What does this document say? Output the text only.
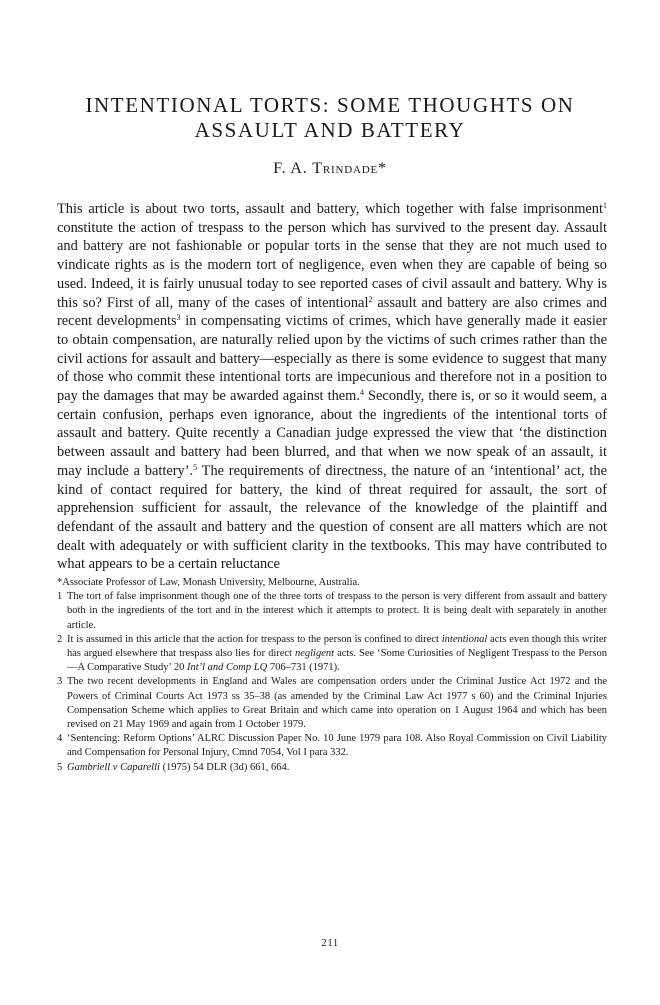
INTENTIONAL TORTS: SOME THOUGHTS ON
ASSAULT AND BATTERY
F. A. Trindade*

This article is about two torts, assault and battery, which together with false imprisonment$^1$ constitute the action of trespass to the person which has survived to the present day. Assault and battery are not fashionable or popular torts in the sense that they are not much used to vindicate rights as is the modern tort of negligence, even when they are capable of being so used. Indeed, it is fairly unusual today to see reported cases of civil assault and battery. Why is this so? First of all, many of the cases of intentional$^2$ assault and battery are also crimes and recent developments$^3$ in compensating victims of crimes, which have generally made it easier to obtain compensation, are naturally relied upon by the victims of such crimes rather than the civil actions for assault and battery—especially as there is some evidence to suggest that many of those who commit these intentional torts are impecunious and therefore not in a position to pay the damages that may be awarded against them.$^4$ Secondly, there is, or so it would seem, a certain confusion, perhaps even ignorance, about the ingredients of the intentional torts of assault and battery. Quite recently a Canadian judge expressed the view that ‘the distinction between assault and battery had been blurred, and that when we now speak of an assault, it may include a battery’.$^5$ The requirements of directness, the nature of an ‘intentional’ act, the kind of contact required for battery, the kind of threat required for assault, the sort of apprehension sufficient for assault, the relevance of the knowledge of the plaintiff and defendant of the assault and battery and the question of consent are all matters which are not dealt with adequately or with sufficient clarity in the textbooks. This may have contributed to what appears to be a certain reluctance

*Associate Professor of Law, Monash University, Melbourne, Australia.

1 The tort of false imprisonment though one of the three torts of trespass to the person is very different from assault and battery both in the ingredients of the tort and in the interest which it attempts to protect. It is being dealt with separately in another article.

2 It is assumed in this article that the action for trespass to the person is confined to direct intentional acts even though this writer has argued elsewhere that trespass also lies for direct negligent acts. See ‘Some Curiosities of Negligent Trespass to the Person—A Comparative Study’ 20 Int’l and Comp LQ 706–731 (1971).

3 The two recent developments in England and Wales are compensation orders under the Criminal Justice Act 1972 and the Powers of Criminal Courts Act 1973 ss 35–38 (as amended by the Criminal Law Act 1977 s 60) and the Criminal Injuries Compensation Scheme which applies to Great Britain and which came into operation on 1 August 1964 and which has been revised on 21 May 1969 and again from 1 October 1979.

4 ‘Sentencing: Reform Options’ ALRC Discussion Paper No. 10 June 1979 para 108. Also Royal Commission on Civil Liability and Compensation for Personal Injury, Cmnd 7054, Vol I para 332.

5 Gambriell v Caparelli (1975) 54 DLR (3d) 661, 664.

211
